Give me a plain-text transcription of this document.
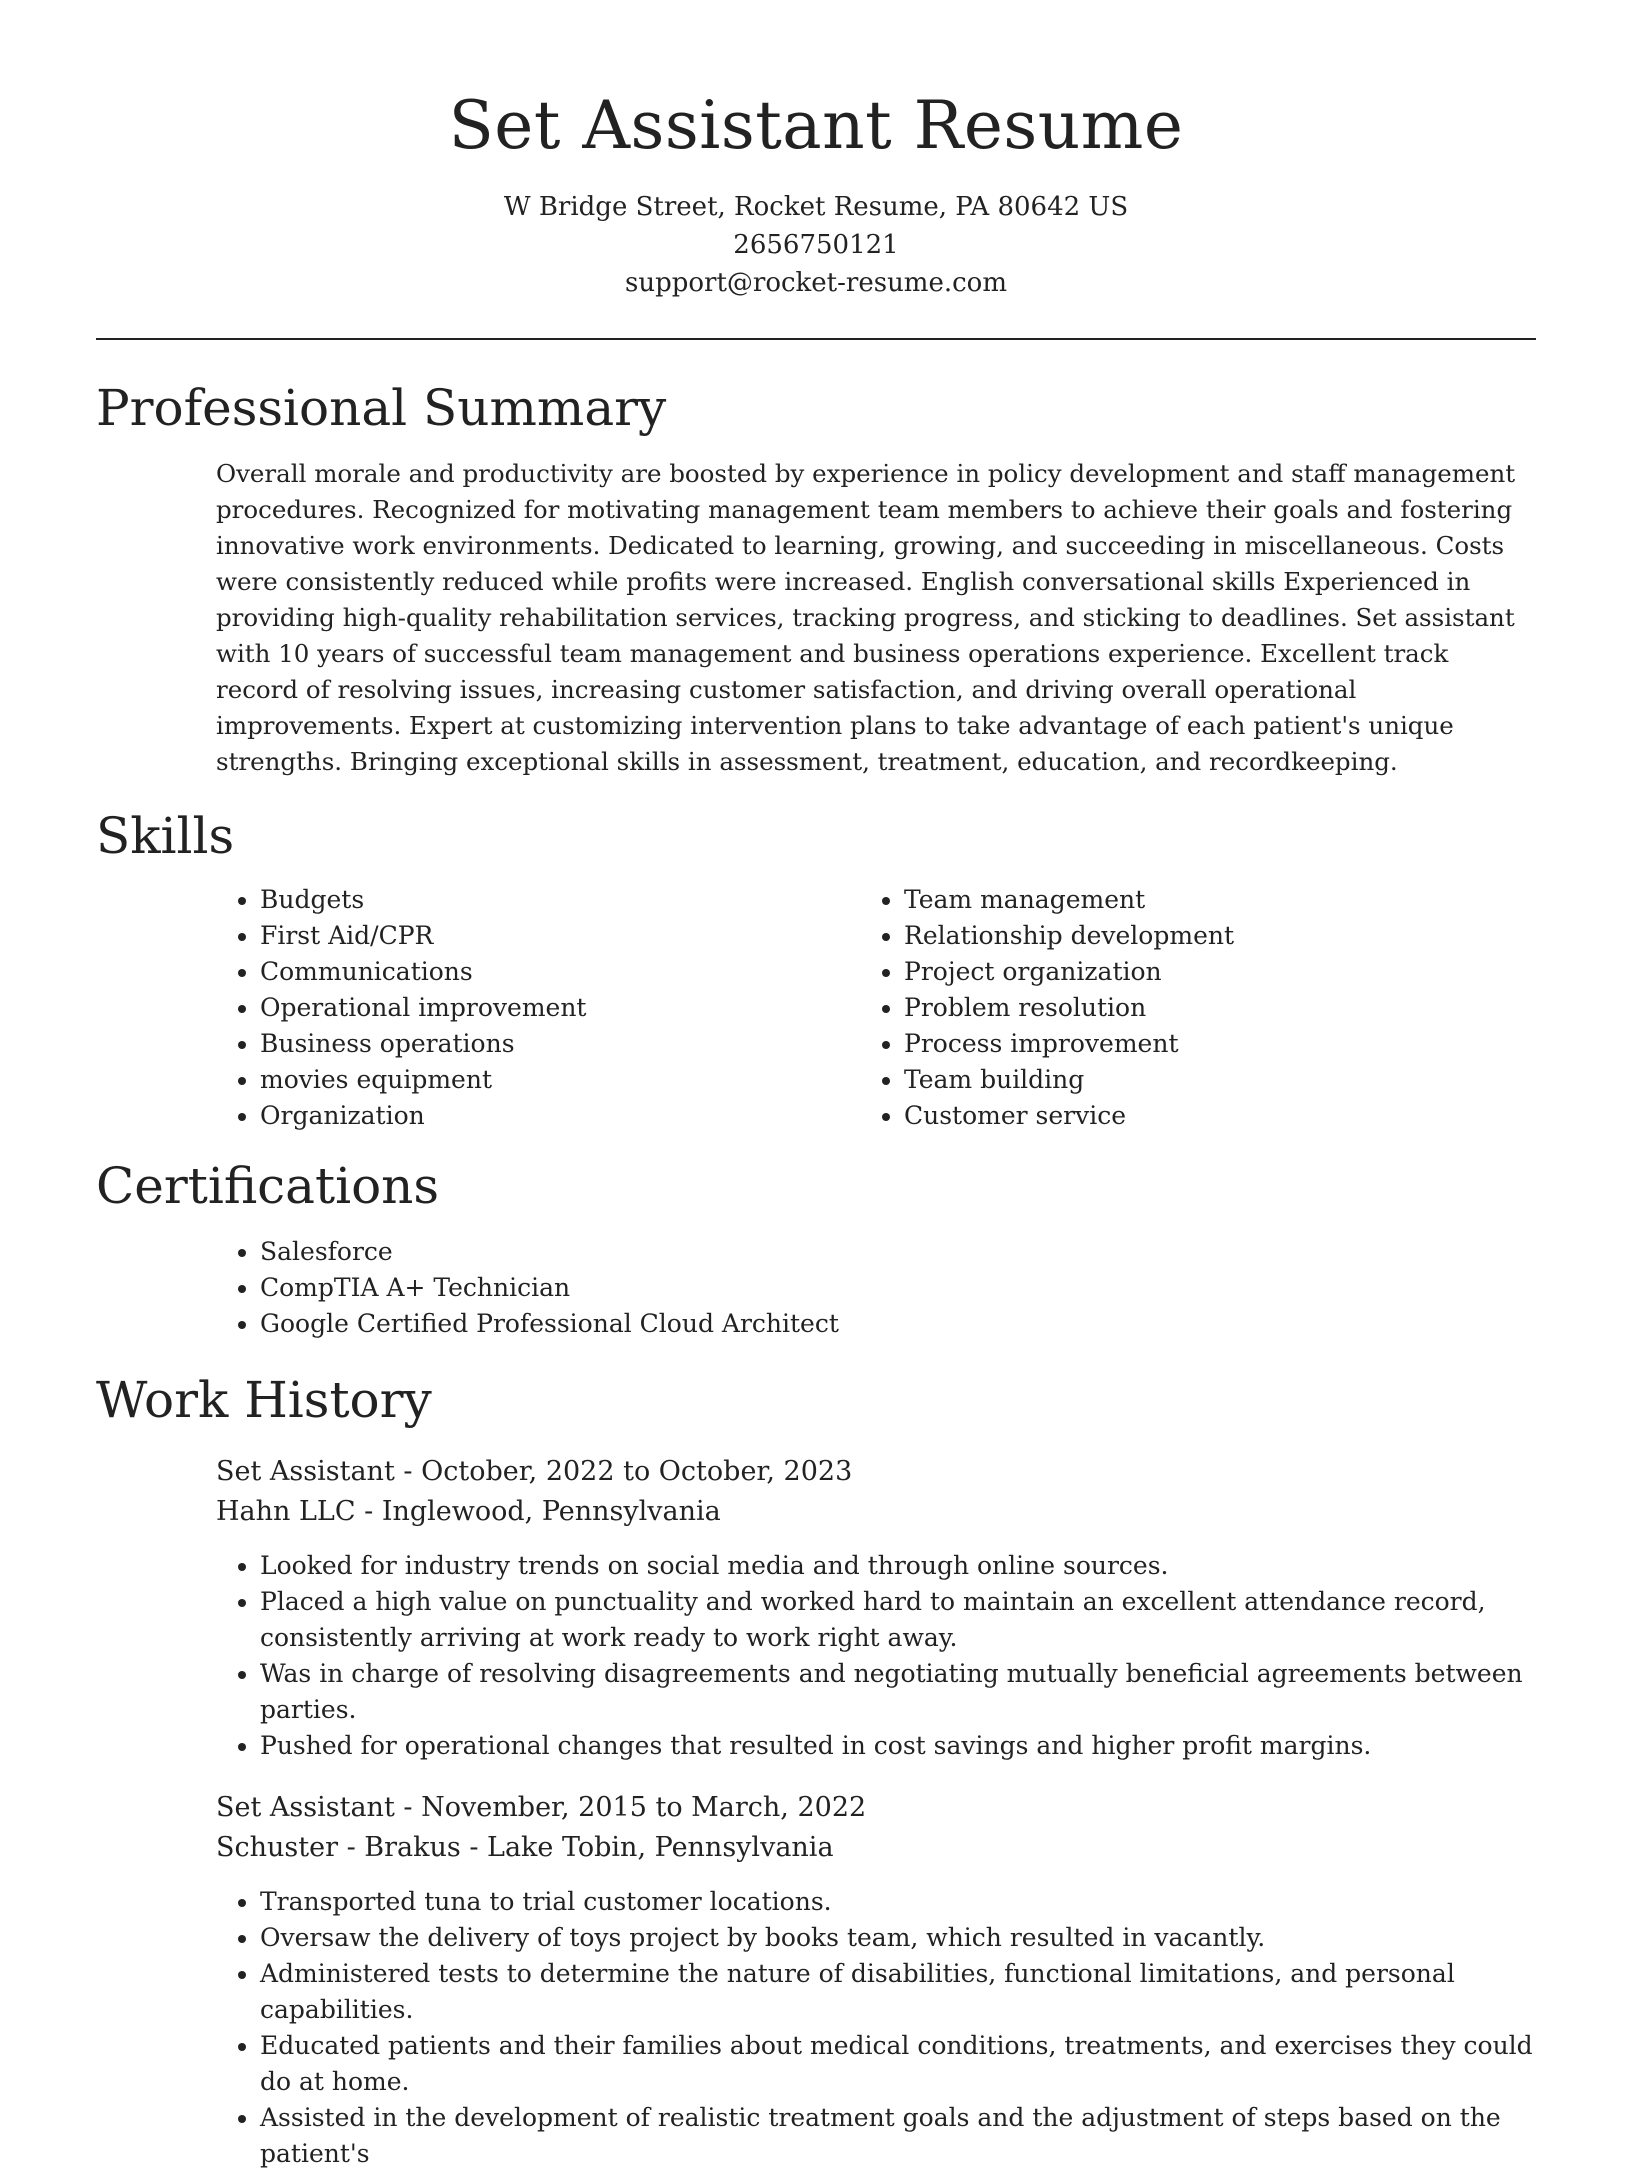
Set Assistant Resume
W Bridge Street, Rocket Resume, PA 80642 US
2656750121
support@rocket-resume.com
Professional Summary

Overall morale and productivity are boosted by experience in policy development and staff management procedures. Recognized for motivating management team members to achieve their goals and fostering innovative work environments. Dedicated to learning, growing, and succeeding in miscellaneous. Costs were consistently reduced while profits were increased. English conversational skills Experienced in providing high-quality rehabilitation services, tracking progress, and sticking to deadlines. Set assistant with 10 years of successful team management and business operations experience. Excellent track record of resolving issues, increasing customer satisfaction, and driving overall operational improvements. Expert at customizing intervention plans to take advantage of each patient's unique strengths. Bringing exceptional skills in assessment, treatment, education, and recordkeeping.

Skills
• Budgets
• First Aid/CPR
• Communications
• Operational improvement
• Business operations
• movies equipment
• Organization
• Team management
• Relationship development
• Project organization
• Problem resolution
• Process improvement
• Team building
• Customer service
Certifications
• Salesforce
• CompTIA A+ Technician
• Google Certified Professional Cloud Architect
Work History
Set Assistant - October, 2022 to October, 2023
Hahn LLC - Inglewood, Pennsylvania
• Looked for industry trends on social media and through online sources.
• Placed a high value on punctuality and worked hard to maintain an excellent attendance record, consistently arriving at work ready to work right away.
• Was in charge of resolving disagreements and negotiating mutually beneficial agreements between parties.
• Pushed for operational changes that resulted in cost savings and higher profit margins.
Set Assistant - November, 2015 to March, 2022
Schuster - Brakus - Lake Tobin, Pennsylvania
• Transported tuna to trial customer locations.
• Oversaw the delivery of toys project by books team, which resulted in vacantly.
• Administered tests to determine the nature of disabilities, functional limitations, and personal capabilities.
• Educated patients and their families about medical conditions, treatments, and exercises they could do at home.
• Assisted in the development of realistic treatment goals and the adjustment of steps based on the patient's
